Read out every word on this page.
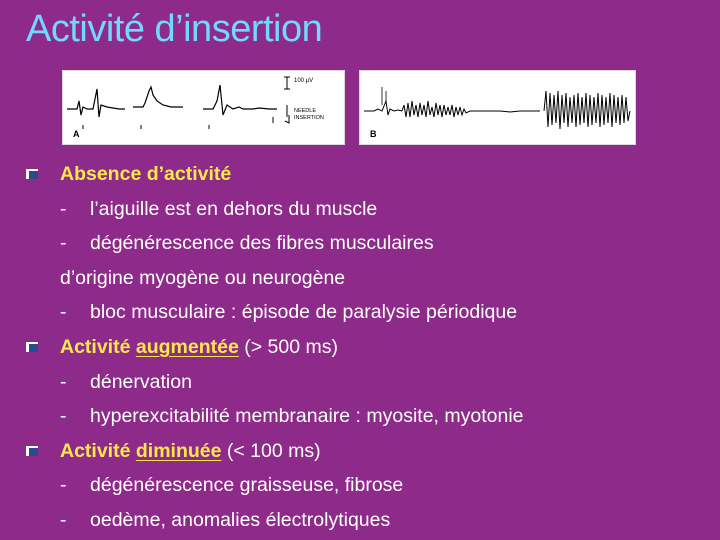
Activité d’insertion
100 µV
NEEDLE
INSERTION
A	B
Absence d’activité
- l’aiguille est en dehors du muscle
- dégénérescence des fibres musculaires
d’origine myogène ou neurogène
- bloc musculaire : épisode de paralysie périodique
Activité augmentée (> 500 ms)
- dénervation
- hyperexcitabilité membranaire : myosite, myotonie
Activité diminuée (< 100 ms)
- dégénérescence graisseuse, fibrose
- oedème, anomalies électrolytiques
